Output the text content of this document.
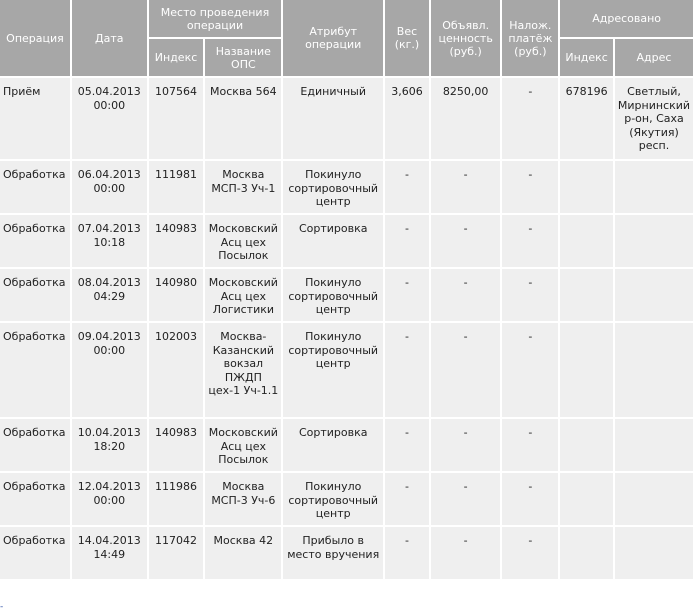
Операция	Дата	Место проведения операции		Атрибут операции	Вес (кг.)	Объявл. ценность (руб.)	Налож. платёж (руб.)	Адресовано	
		Индекс	Название ОПС					Индекс	Адрес
Приём	05.04.2013 00:00	107564	Москва 564	Единичный	3,606	8250,00	-	678196	Светлый, Мирнинский р-он, Саха (Якутия) респ.
Обработка	06.04.2013 00:00	111981	Москва МСП-3 Уч-1	Покинуло сортировочный центр	-	-	-		
Обработка	07.04.2013 10:18	140983	Московский Асц цех Посылок	Сортировка	-	-	-		
Обработка	08.04.2013 04:29	140980	Московский Асц цех Логистики	Покинуло сортировочный центр	-	-	-		
Обработка	09.04.2013 00:00	102003	Москва-Казанский вокзал ПЖДП цех-1 Уч-1.1	Покинуло сортировочный центр	-	-	-		
Обработка	10.04.2013 18:20	140983	Московский Асц цех Посылок	Сортировка	-	-	-		
Обработка	12.04.2013 00:00	111986	Москва МСП-3 Уч-6	Покинуло сортировочный центр	-	-	-		
Обработка	14.04.2013 14:49	117042	Москва 42	Прибыло в место вручения	-	-	-		
-
